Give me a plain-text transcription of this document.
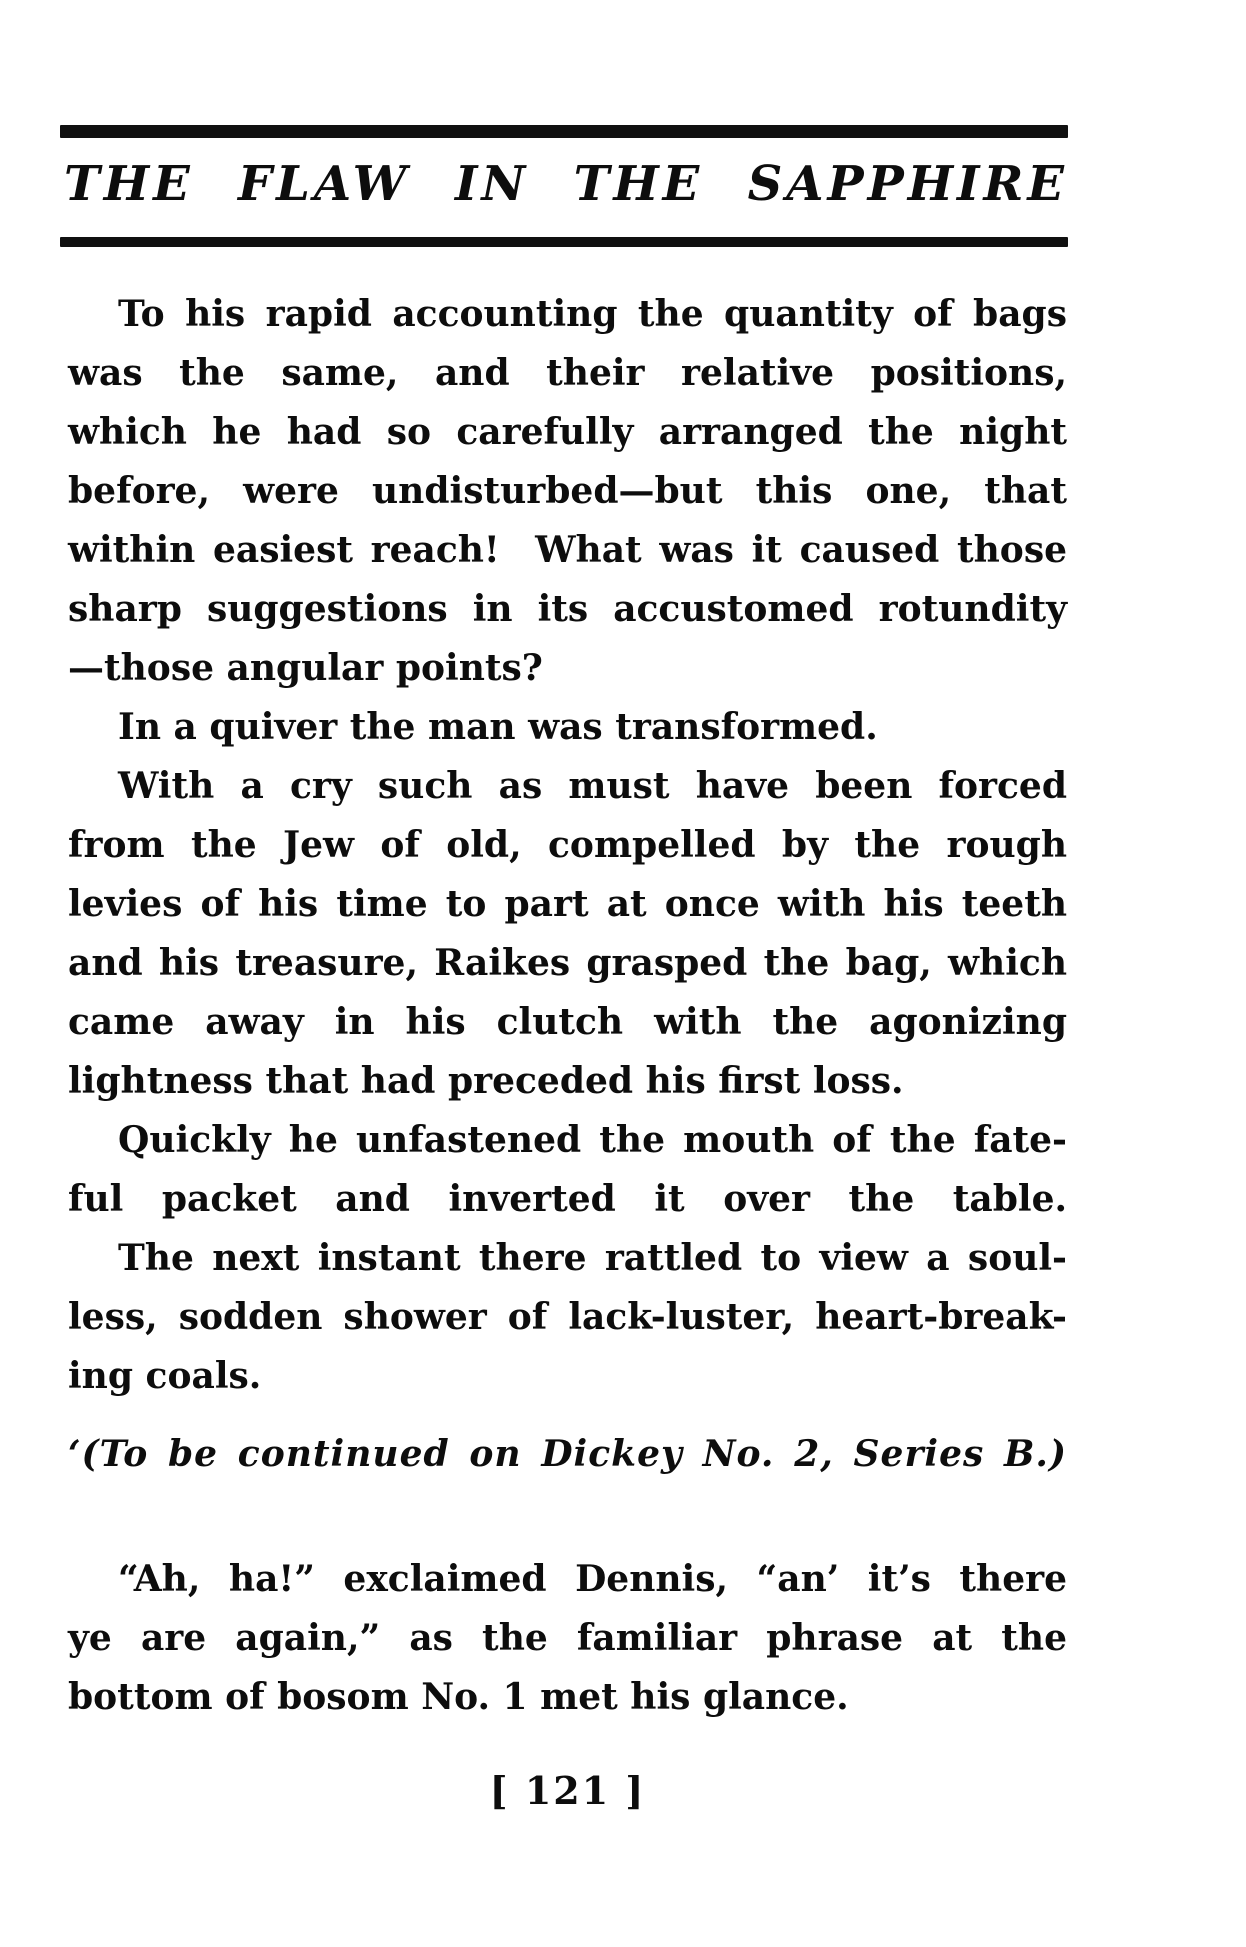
THE FLAW IN THE SAPPHIRE
To his rapid accounting the quantity of bags
was the same, and their relative positions,
which he had so carefully arranged the night
before, were undisturbed—but this one, that
within easiest reach!  What was it caused those
sharp suggestions in its accustomed rotundity
—those angular points?
In a quiver the man was transformed.
With a cry such as must have been forced
from the Jew of old, compelled by the rough
levies of his time to part at once with his teeth
and his treasure, Raikes grasped the bag, which
came away in his clutch with the agonizing
lightness that had preceded his first loss.
Quickly he unfastened the mouth of the fate-
ful packet and inverted it over the table.
The next instant there rattled to view a soul-
less, sodden shower of lack-luster, heart-break-
ing coals.
‘(To be continued on Dickey No. 2, Series B.)
“Ah, ha!” exclaimed Dennis, “an’ it’s there
ye are again,” as the familiar phrase at the
bottom of bosom No. 1 met his glance.
[ 121 ]
